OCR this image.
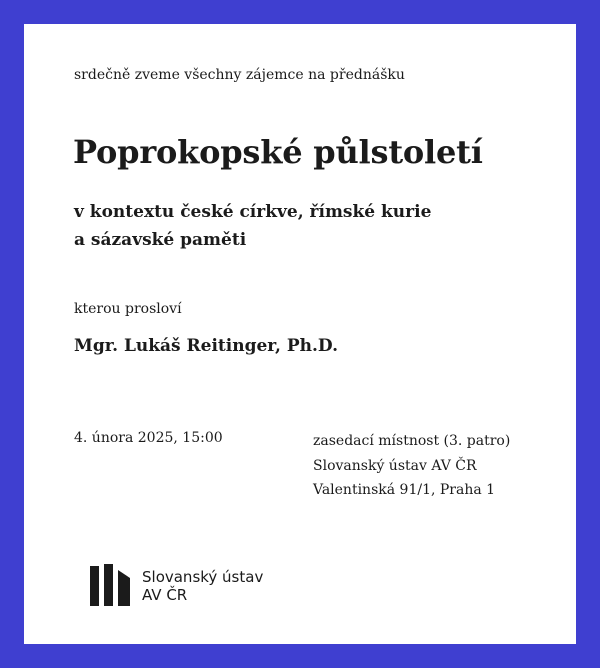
srdečně zveme všechny zájemce na přednášku
Poprokopské půlstoletí
v kontextu české církve, římské kurie
a sázavské paměti
kterou prosloví
Mgr. Lukáš Reitinger, Ph.D.
4. února 2025, 15:00	zasedací místnost (3. patro)
Slovanský ústav AV ČR
Valentinská 91/1, Praha 1
Slovanský ústav
AV ČR
